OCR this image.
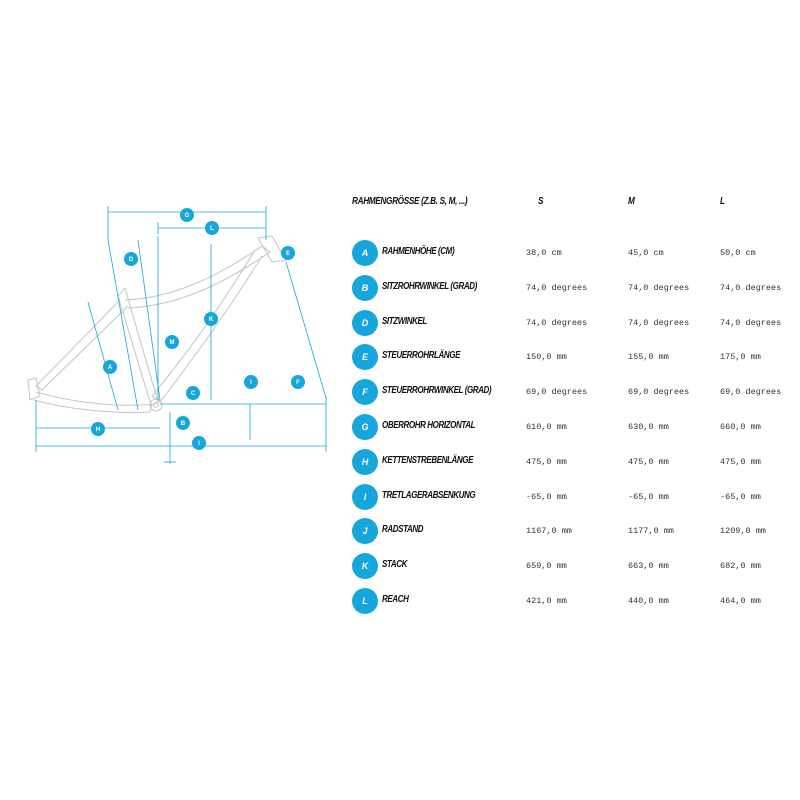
A
B
C
D
E
F
G
H
I
I
K
M
L
RAHMENGRÖSSE (Z.B. S, M, ...)	S	M	L
A	RAHMENHÖHE (CM)	38,0 cm	45,0 cm	50,0 cm
B	SITZROHRWINKEL (GRAD)	74,0 degrees	74,0 degrees	74,0 degrees
D	SITZWINKEL	74,0 degrees	74,0 degrees	74,0 degrees
E	STEUERROHRLÄNGE	150,0 mm	155,0 mm	175,0 mm
F	STEUERROHRWINKEL (GRAD)	69,0 degrees	69,0 degrees	69,0 degrees
G	OBERROHR HORIZONTAL	610,0 mm	630,0 mm	660,0 mm
H	KETTENSTREBENLÄNGE	475,0 mm	475,0 mm	475,0 mm
I	TRETLAGERABSENKUNG	-65,0 mm	-65,0 mm	-65,0 mm
J	RADSTAND	1167,0 mm	1177,0 mm	1209,0 mm
K	STACK	659,0 mm	663,0 mm	682,0 mm
L	REACH	421,0 mm	440,0 mm	464,0 mm
